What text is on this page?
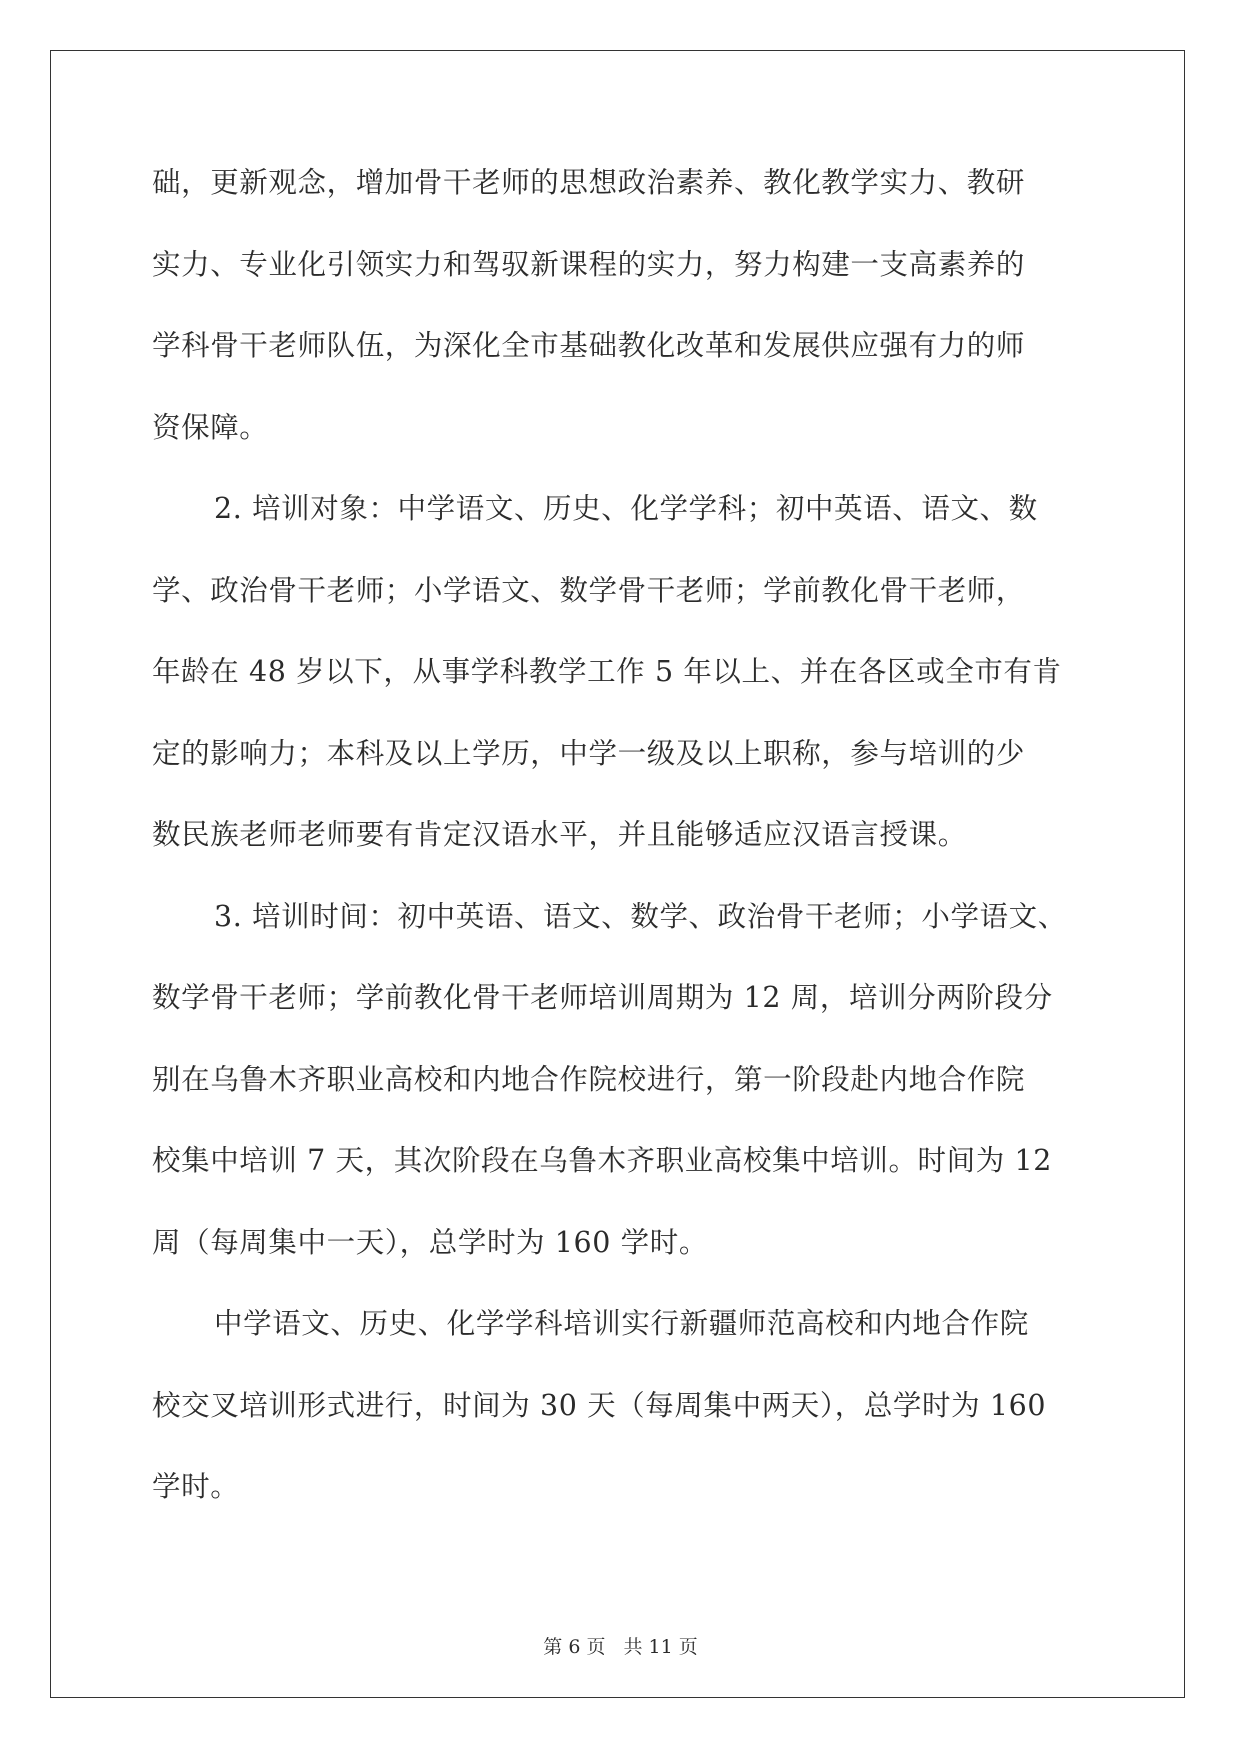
础，更新观念，增加骨干老师的思想政治素养、教化教学实力、教研
实力、专业化引领实力和驾驭新课程的实力，努力构建一支高素养的
学科骨干老师队伍，为深化全市基础教化改革和发展供应强有力的师
资保障。
2. 培训对象：中学语文、历史、化学学科；初中英语、语文、数
学、政治骨干老师；小学语文、数学骨干老师；学前教化骨干老师，
年龄在 48 岁以下，从事学科教学工作 5 年以上、并在各区或全市有肯
定的影响力；本科及以上学历，中学一级及以上职称，参与培训的少
数民族老师老师要有肯定汉语水平，并且能够适应汉语言授课。
3. 培训时间：初中英语、语文、数学、政治骨干老师；小学语文、
数学骨干老师；学前教化骨干老师培训周期为 12 周，培训分两阶段分
别在乌鲁木齐职业高校和内地合作院校进行，第一阶段赴内地合作院
校集中培训 7 天，其次阶段在乌鲁木齐职业高校集中培训。时间为 12
周（每周集中一天），总学时为 160 学时。
中学语文、历史、化学学科培训实行新疆师范高校和内地合作院
校交叉培训形式进行，时间为 30 天（每周集中两天），总学时为 160
学时。
第 6 页 共 11 页
